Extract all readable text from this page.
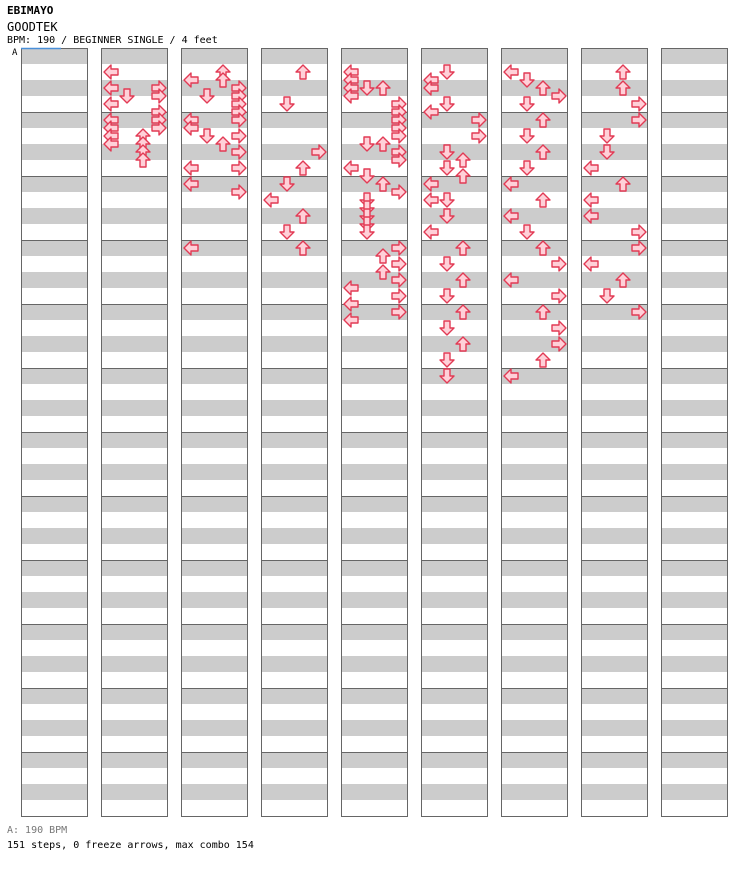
EBIMAYO
GOODTEK
BPM: 190 / BEGINNER SINGLE / 4 feet
A
A: 190 BPM
151 steps, 0 freeze arrows, max combo 154
